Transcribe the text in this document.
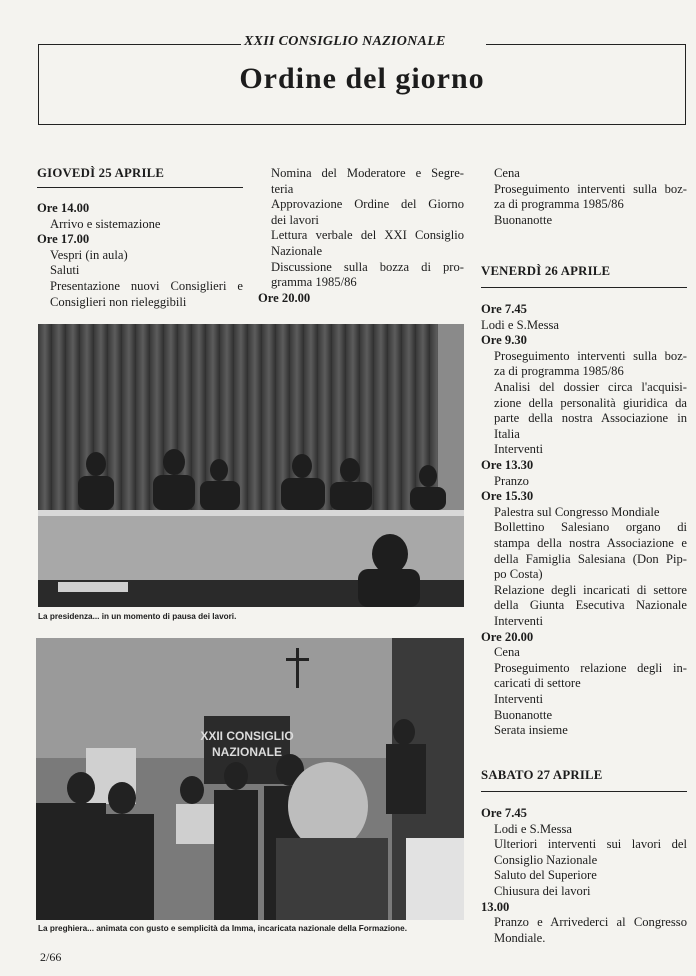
XXII CONSIGLIO NAZIONALE
Ordine del giorno
GIOVEDÌ 25 APRILE
Ore 14.00
Arrivo e sistemazione
Ore 17.00
Vespri (in aula)
Saluti
Presentazione nuovi Consiglieri e
Consiglieri non rieleggibili
Nomina del Moderatore e Segre-
teria
Approvazione Ordine del Giorno
dei lavori
Lettura verbale del XXI Consiglio
Nazionale
Discussione sulla bozza di pro-
gramma 1985/86
Ore 20.00
Cena
Proseguimento interventi sulla boz-
za di programma 1985/86
Buonanotte
VENERDÌ 26 APRILE
Ore 7.45
Lodi e S.Messa
Ore 9.30
Proseguimento interventi sulla boz-
za di programma 1985/86
Analisi del dossier circa l'acquisi-
zione della personalità giuridica da
parte della nostra Associazione in
Italia
Interventi
Ore 13.30
Pranzo
Ore 15.30
Palestra sul Congresso Mondiale
Bollettino Salesiano organo di
stampa della nostra Associazione e
della Famiglia Salesiana (Don Pip-
po Costa)
Relazione degli incaricati di settore
della Giunta Esecutiva Nazionale
Interventi
Ore 20.00
Cena
Proseguimento relazione degli in-
caricati di settore
Interventi
Buonanotte
Serata insieme
SABATO 27 APRILE
Ore 7.45
Lodi e S.Messa
Ulteriori interventi sui lavori del
Consiglio Nazionale
Saluto del Superiore
Chiusura dei lavori
13.00
Pranzo e Arrivederci al Congresso
Mondiale.
La presidenza... in un momento di pausa dei lavori.
XXII CONSIGLIO NAZIONALE
La preghiera... animata con gusto e semplicità da Imma, incaricata nazionale della Formazione.
2/66
